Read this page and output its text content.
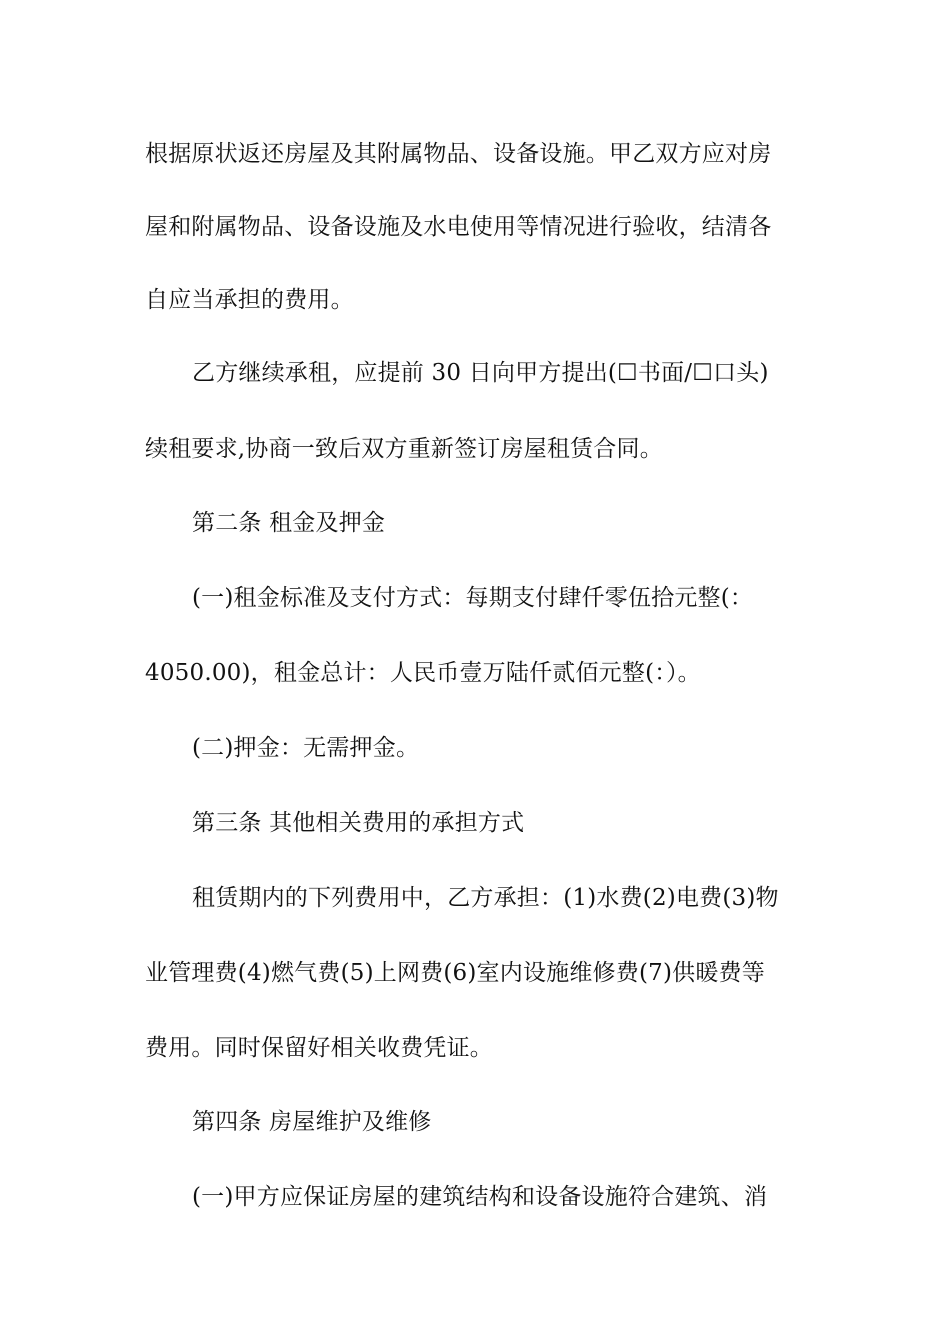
根据原状返还房屋及其附属物品、设备设施。甲乙双方应对房
屋和附属物品、设备设施及水电使用等情况进行验收，结清各
自应当承担的费用。
乙方继续承租，应提前 30 日向甲方提出(☐书面/☐口头)
续租要求,协商一致后双方重新签订房屋租赁合同。
第二条 租金及押金
(一)租金标准及支付方式：每期支付肆仟零伍拾元整(：
4050.00)，租金总计：人民币壹万陆仟贰佰元整(：）。
(二)押金：无需押金。
第三条 其他相关费用的承担方式
租赁期内的下列费用中，乙方承担：(1)水费(2)电费(3)物
业管理费(4)燃气费(5)上网费(6)室内设施维修费(7)供暖费等
费用。同时保留好相关收费凭证。
第四条 房屋维护及维修
(一)甲方应保证房屋的建筑结构和设备设施符合建筑、消
